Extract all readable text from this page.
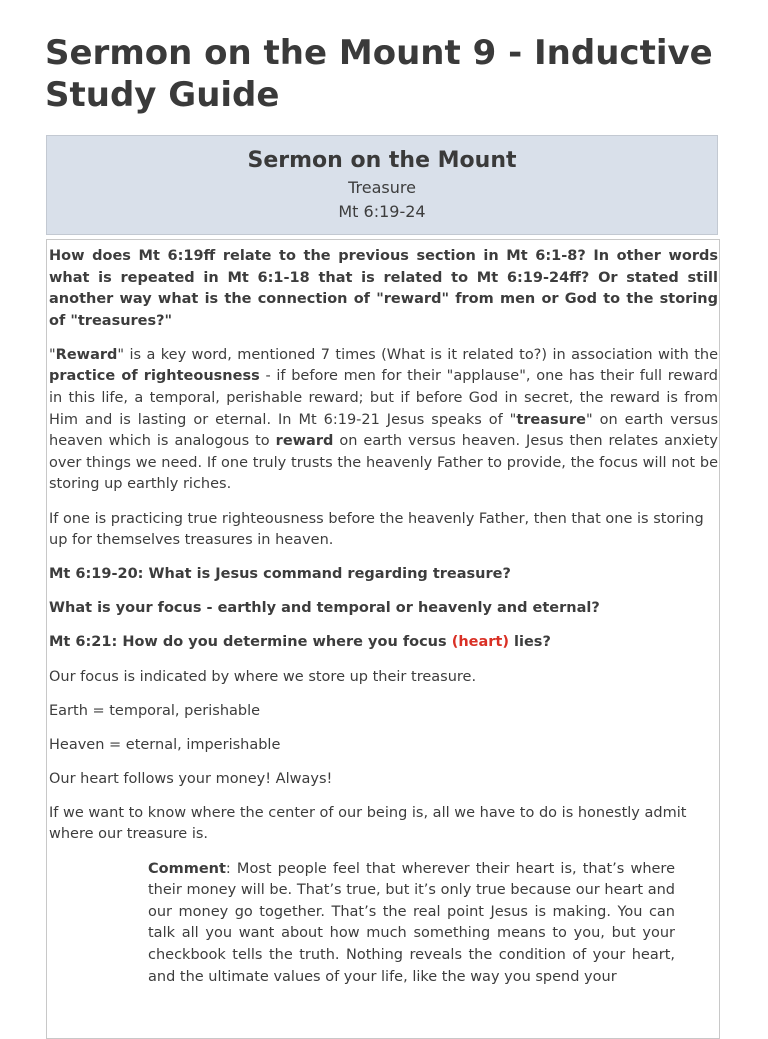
Sermon on the Mount 9 - Inductive Study Guide
Sermon on the Mount
Treasure
Mt 6:19-24

How does Mt 6:19ff relate to the previous section in Mt 6:1-8? In other words what is repeated in Mt 6:1-18 that is related to Mt 6:19-24ff? Or stated still another way what is the connection of "reward" from men or God to the storing of "treasures?"

"Reward" is a key word, mentioned 7 times (What is it related to?) in association with the practice of righteousness - if before men for their "applause", one has their full reward in this life, a temporal, perishable reward; but if before God in secret, the reward is from Him and is lasting or eternal. In Mt 6:19-21 Jesus speaks of "treasure" on earth versus heaven which is analogous to reward on earth versus heaven. Jesus then relates anxiety over things we need. If one truly trusts the heavenly Father to provide, the focus will not be storing up earthly riches.

If one is practicing true righteousness before the heavenly Father, then that one is storing up for themselves treasures in heaven.

Mt 6:19-20: What is Jesus command regarding treasure?

What is your focus - earthly and temporal or heavenly and eternal?

Mt 6:21: How do you determine where you focus (heart) lies?

Our focus is indicated by where we store up their treasure.

Earth = temporal, perishable

Heaven = eternal, imperishable

Our heart follows your money! Always!

If we want to know where the center of our being is, all we have to do is honestly admit where our treasure is.

Comment: Most people feel that wherever their heart is, that’s where their money will be. That’s true, but it’s only true because our heart and our money go together. That’s the real point Jesus is making. You can talk all you want about how much something means to you, but your checkbook tells the truth. Nothing reveals the condition of your heart, and the ultimate values of your life, like the way you spend your
